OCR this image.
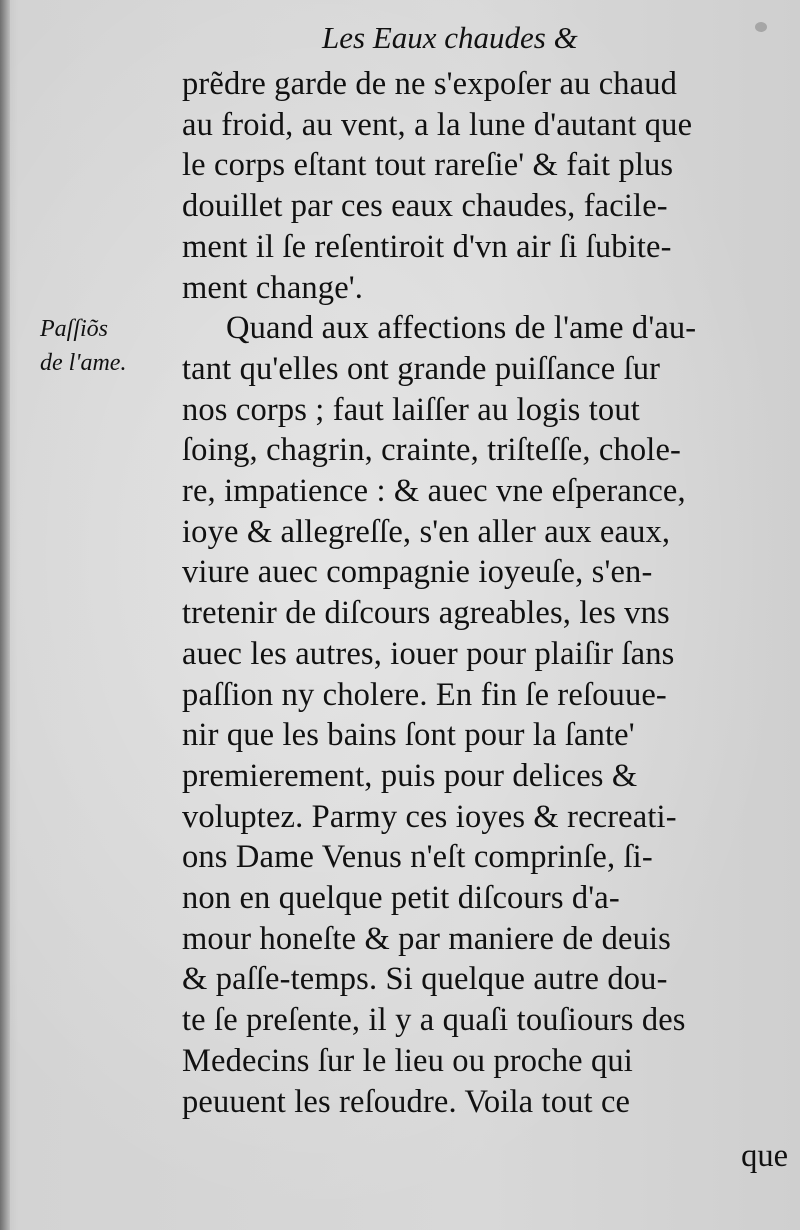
Les Eaux chaudes &
Paſſiõs
de l'ame.
prẽdre garde de ne s'expoſer au chaud
au froid, au vent, a la lune d'autant que
le corps eſtant tout rareſie' & fait plus
douillet par ces eaux chaudes, facile-
ment il ſe reſentiroit d'vn air ſi ſubite-
ment change'.
Quand aux affections de l'ame d'au-
tant qu'elles ont grande puiſſance ſur
nos corps ; faut laiſſer au logis tout
ſoing, chagrin, crainte, triſteſſe, chole-
re, impatience : & auec vne eſperance,
ioye & allegreſſe, s'en aller aux eaux,
viure auec compagnie ioyeuſe, s'en-
tretenir de diſcours agreables, les vns
auec les autres, iouer pour plaiſir ſans
paſſion ny cholere. En fin ſe reſouue-
nir que les bains ſont pour la ſante'
premierement, puis pour delices &
voluptez. Parmy ces ioyes & recreati-
ons Dame Venus n'eſt comprinſe, ſi-
non en quelque petit diſcours d'a-
mour honeſte & par maniere de deuis
& paſſe-temps. Si quelque autre dou-
te ſe preſente, il y a quaſi touſiours des
Medecins ſur le lieu ou proche qui
peuuent les reſoudre. Voila tout ce
que
